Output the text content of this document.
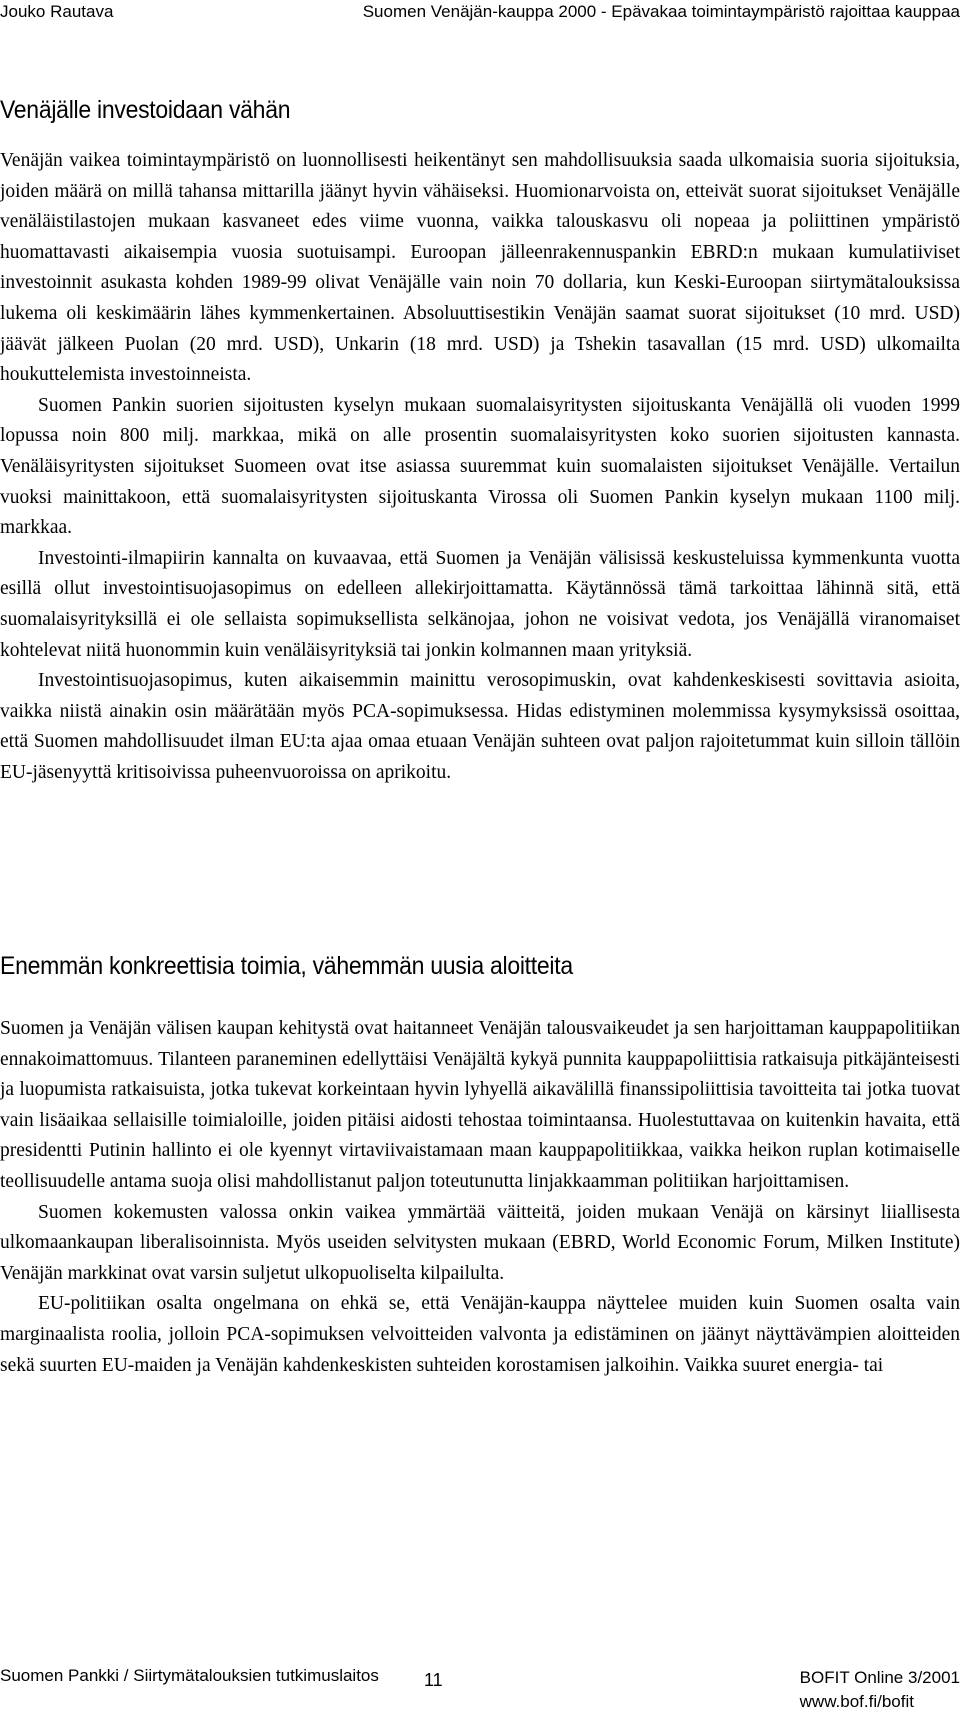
Jouko Rautava	Suomen Venäjän-kauppa 2000 - Epävakaa toimintaympäristö rajoittaa kauppaa
Venäjälle investoidaan vähän

Venäjän vaikea toimintaympäristö on luonnollisesti heikentänyt sen mahdollisuuksia saada ulkomaisia suoria sijoituksia, joiden määrä on millä tahansa mittarilla jäänyt hyvin vähäiseksi. Huomionarvoista on, etteivät suorat sijoitukset Venäjälle venäläistilastojen mukaan kasvaneet edes viime vuonna, vaikka talouskasvu oli nopeaa ja poliittinen ympäristö huomattavasti aikaisempia vuosia suotuisampi. Euroopan jälleenrakennuspankin EBRD:n mukaan kumulatiiviset investoinnit asukasta kohden 1989-99 olivat Venäjälle vain noin 70 dollaria, kun Keski-Euroopan siirtymätalouksissa lukema oli keskimäärin lähes kymmenkertainen. Absoluuttisestikin Venäjän saamat suorat sijoitukset (10 mrd. USD) jäävät jälkeen Puolan (20 mrd. USD), Unkarin (18 mrd. USD) ja Tshekin tasavallan (15 mrd. USD) ulkomailta houkuttelemista investoinneista.

Suomen Pankin suorien sijoitusten kyselyn mukaan suomalaisyritysten sijoituskanta Venäjällä oli vuoden 1999 lopussa noin 800 milj. markkaa, mikä on alle prosentin suomalaisyritysten koko suorien sijoitusten kannasta. Venäläisyritysten sijoitukset Suomeen ovat itse asiassa suuremmat kuin suomalaisten sijoitukset Venäjälle. Vertailun vuoksi mainittakoon, että suomalaisyritysten sijoituskanta Virossa oli Suomen Pankin kyselyn mukaan 1100 milj. markkaa.

Investointi-ilmapiirin kannalta on kuvaavaa, että Suomen ja Venäjän välisissä keskusteluissa kymmenkunta vuotta esillä ollut investointisuojasopimus on edelleen allekirjoittamatta. Käytännössä tämä tarkoittaa lähinnä sitä, että suomalaisyrityksillä ei ole sellaista sopimuksellista selkänojaa, johon ne voisivat vedota, jos Venäjällä viranomaiset kohtelevat niitä huonommin kuin venäläisyrityksiä tai jonkin kolmannen maan yrityksiä.

Investointisuojasopimus, kuten aikaisemmin mainittu verosopimuskin, ovat kahdenkeskisesti sovittavia asioita, vaikka niistä ainakin osin määrätään myös PCA-sopimuksessa. Hidas edistyminen molemmissa kysymyksissä osoittaa, että Suomen mahdollisuudet ilman EU:ta ajaa omaa etuaan Venäjän suhteen ovat paljon rajoitetummat kuin silloin tällöin EU-jäsenyyttä kritisoivissa puheenvuoroissa on aprikoitu.

Enemmän konkreettisia toimia, vähemmän uusia aloitteita

Suomen ja Venäjän välisen kaupan kehitystä ovat haitanneet Venäjän talousvaikeudet ja sen harjoittaman kauppapolitiikan ennakoimattomuus. Tilanteen paraneminen edellyttäisi Venäjältä kykyä punnita kauppapoliittisia ratkaisuja pitkäjänteisesti ja luopumista ratkaisuista, jotka tukevat korkeintaan hyvin lyhyellä aikavälillä finanssipoliittisia tavoitteita tai jotka tuovat vain lisäaikaa sellaisille toimialoille, joiden pitäisi aidosti tehostaa toimintaansa. Huolestuttavaa on kuitenkin havaita, että presidentti Putinin hallinto ei ole kyennyt virtaviivaistamaan maan kauppapolitiikkaa, vaikka heikon ruplan kotimaiselle teollisuudelle antama suoja olisi mahdollistanut paljon toteutunutta linjakkaamman politiikan harjoittamisen.

Suomen kokemusten valossa onkin vaikea ymmärtää väitteitä, joiden mukaan Venäjä on kärsinyt liiallisesta ulkomaankaupan liberalisoinnista. Myös useiden selvitysten mukaan (EBRD, World Economic Forum, Milken Institute) Venäjän markkinat ovat varsin suljetut ulkopuoliselta kilpailulta.

EU-politiikan osalta ongelmana on ehkä se, että Venäjän-kauppa näyttelee muiden kuin Suomen osalta vain marginaalista roolia, jolloin PCA-sopimuksen velvoitteiden valvonta ja edistäminen on jäänyt näyttävämpien aloitteiden sekä suurten EU-maiden ja Venäjän kahdenkeskisten suhteiden korostamisen jalkoihin. Vaikka suuret energia- tai

Suomen Pankki / Siirtymätalouksien tutkimuslaitos	11	BOFIT Online 3/2001
www.bof.fi/bofit
